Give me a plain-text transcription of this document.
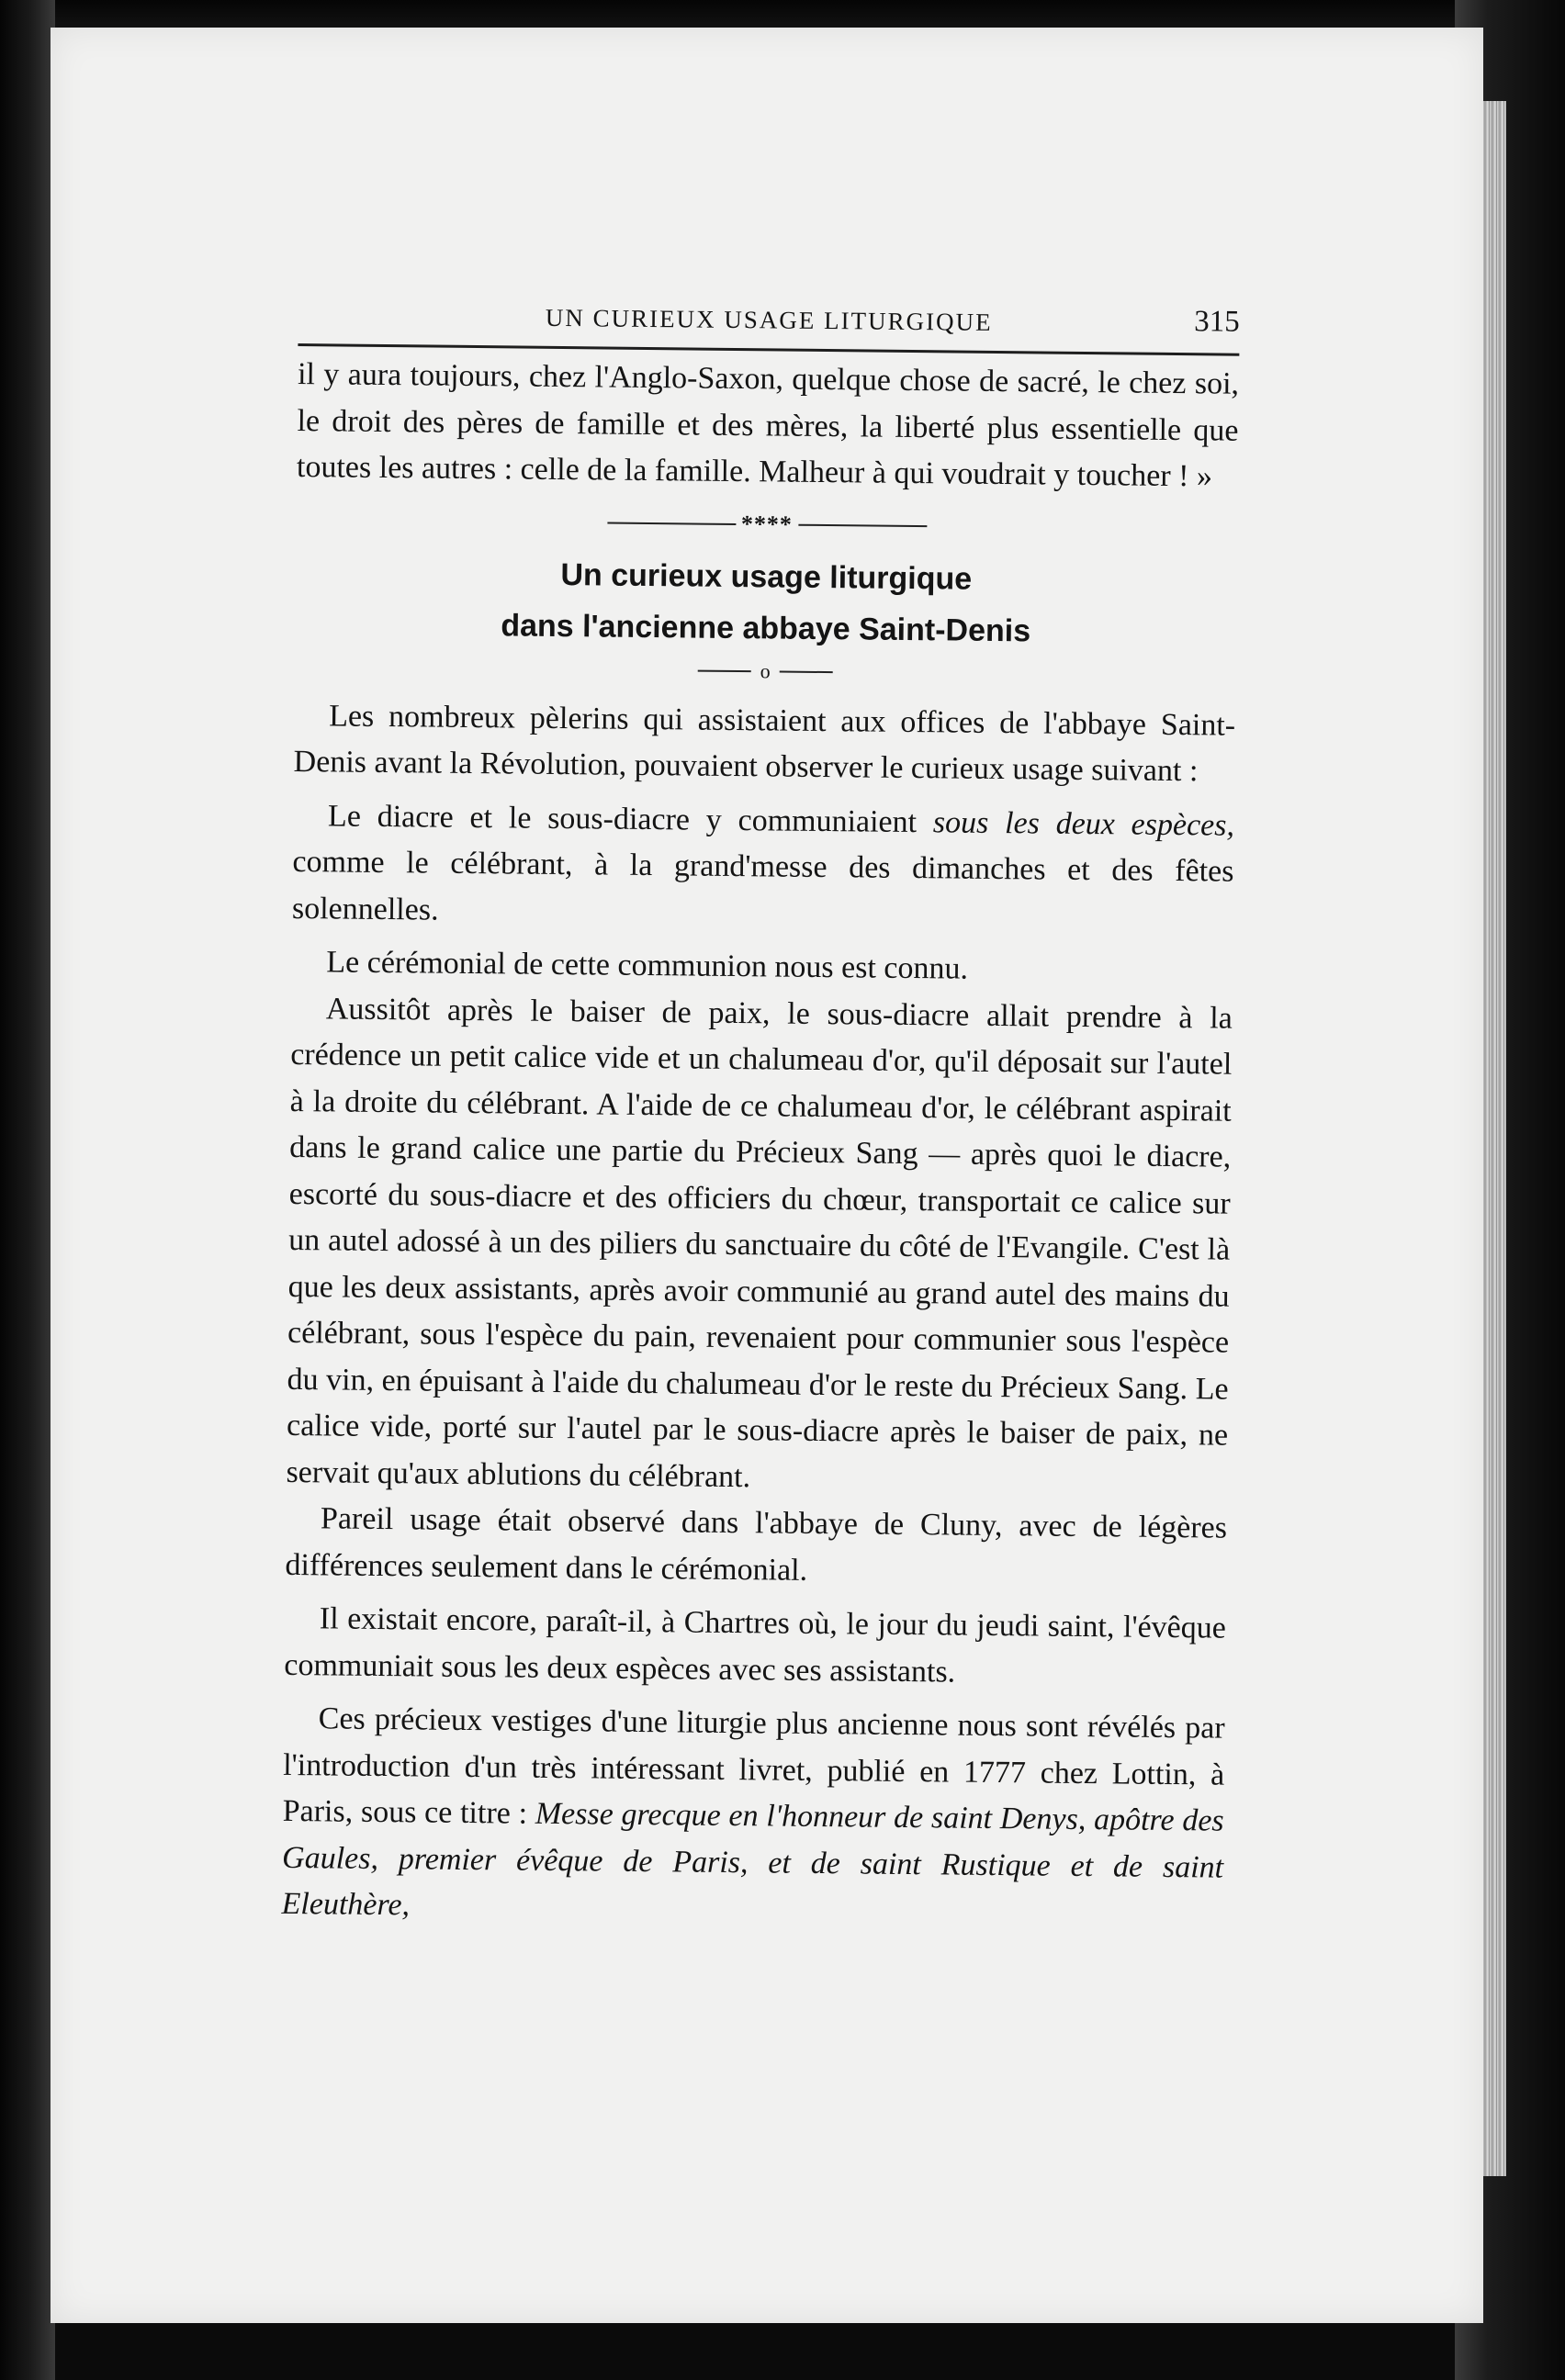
UN CURIEUX USAGE LITURGIQUE	315

il y aura toujours, chez l'Anglo-Saxon, quelque chose de sacré, le chez soi, le droit des pères de famille et des mères, la liberté plus essentielle que toutes les autres : celle de la famille. Malheur à qui voudrait y toucher ! »

****
Un curieux usage liturgique
dans l'ancienne abbaye Saint-Denis
o

Les nombreux pèlerins qui assistaient aux offices de l'abbaye Saint-Denis avant la Révolution, pouvaient observer le curieux usage suivant :

Le diacre et le sous-diacre y communiaient sous les deux espèces, comme le célébrant, à la grand'messe des dimanches et des fêtes solennelles.

Le cérémonial de cette communion nous est connu.

Aussitôt après le baiser de paix, le sous-diacre allait prendre à la crédence un petit calice vide et un chalumeau d'or, qu'il déposait sur l'autel à la droite du célébrant. A l'aide de ce chalumeau d'or, le célébrant aspirait dans le grand calice une partie du Précieux Sang — après quoi le diacre, escorté du sous-diacre et des officiers du chœur, transportait ce calice sur un autel adossé à un des piliers du sanctuaire du côté de l'Evangile. C'est là que les deux assistants, après avoir communié au grand autel des mains du célébrant, sous l'espèce du pain, revenaient pour communier sous l'espèce du vin, en épuisant à l'aide du chalumeau d'or le reste du Précieux Sang. Le calice vide, porté sur l'autel par le sous-diacre après le baiser de paix, ne servait qu'aux ablutions du célébrant.

Pareil usage était observé dans l'abbaye de Cluny, avec de légères différences seulement dans le cérémonial.

Il existait encore, paraît-il, à Chartres où, le jour du jeudi saint, l'évêque communiait sous les deux espèces avec ses assistants.

Ces précieux vestiges d'une liturgie plus ancienne nous sont révélés par l'introduction d'un très intéressant livret, publié en 1777 chez Lottin, à Paris, sous ce titre : Messe grecque en l'honneur de saint Denys, apôtre des Gaules, premier évêque de Paris, et de saint Rustique et de saint Eleuthère,
